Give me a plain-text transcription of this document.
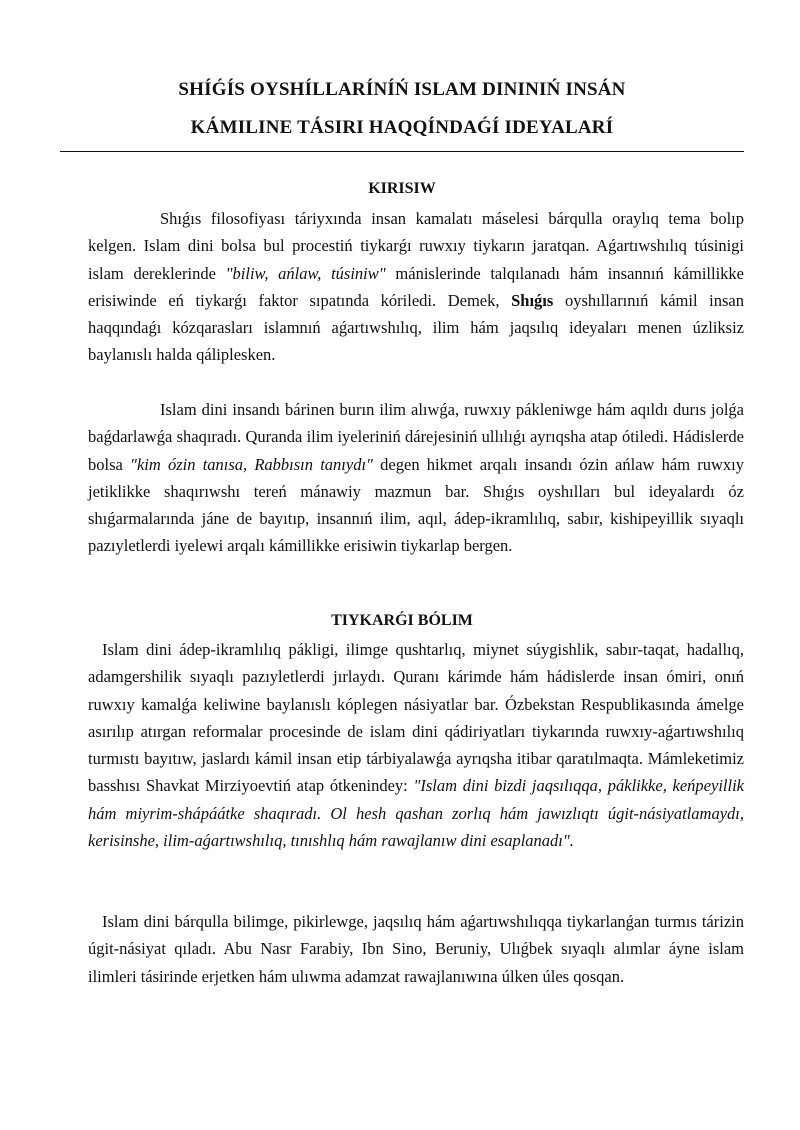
SHÍǴÍS OYSHÍLLARÍNÍŃ ISLAM DININIŃ INSÁN
KÁMILINE TÁSIRI HAQQÍNDAǴÍ IDEYALARÍ
KIRISIW

Shıǵıs filosofiyası táriyxında insan kamalatı máselesi bárqulla oraylıq tema bolıp kelgen. Islam dini bolsa bul procestiń tiykarǵı ruwxıy tiykarın jaratqan. Aǵartıwshılıq túsinigi islam dereklerinde "biliw, ańlaw, túsiniw" mánislerinde talqılanadı hám insannıń kámillikke erisiwinde eń tiykarǵı faktor sıpatında kóriledi. Demek, Shıǵıs oyshıllarınıń kámil insan haqqındaǵı kózqarasları islamnıń aǵartıwshılıq, ilim hám jaqsılıq ideyaları menen úzliksiz baylanıslı halda qáliplesken.

Islam dini insandı bárinen burın ilim alıwǵa, ruwxıy pákleniwge hám aqıldı durıs jolǵa baǵdarlawǵa shaqıradı. Quranda ilim iyeleriniń dárejesiniń ullılıǵı ayrıqsha atap ótiledi. Hádislerde bolsa "kim ózin tanısa, Rabbısın tanıydı" degen hikmet arqalı insandı ózin ańlaw hám ruwxıy jetiklikke shaqırıwshı tereń mánawiy mazmun bar. Shıǵıs oyshılları bul ideyalardı óz shıǵarmalarında jáne de bayıtıp, insannıń ilim, aqıl, ádep-ikramlılıq, sabır, kishipeyillik sıyaqlı pazıyletlerdi iyelewi arqalı kámillikke erisiwin tiykarlap bergen.

TIYKARǴI BÓLIM

Islam dini ádep-ikramlılıq pákligi, ilimge qushtarlıq, miynet súygishlik, sabır-taqat, hadallıq, adamgershilik sıyaqlı pazıyletlerdi jırlaydı. Quranı kárimde hám hádislerde insan ómiri, onıń ruwxıy kamalǵa keliwine baylanıslı kóplegen násiyatlar bar. Ózbekstan Respublikasında ámelge asırılıp atırgan reformalar procesinde de islam dini qádiriyatları tiykarında ruwxıy-aǵartıwshılıq turmıstı bayıtıw, jaslardı kámil insan etip tárbiyalawǵa ayrıqsha itibar qaratılmaqta. Mámleketimiz basshısı Shavkat Mirziyoevtiń atap ótkenindey: "Islam dini bizdi jaqsılıqqa, páklikke, keńpeyillik hám miyrim-shápáátke shaqıradı. Ol hesh qashan zorlıq hám jawızlıqtı úgit-násiyatlamaydı, kerisinshe, ilim-aǵartıwshılıq, tınıshlıq hám rawajlanıw dini esaplanadı".

Islam dini bárqulla bilimge, pikirlewge, jaqsılıq hám aǵartıwshılıqqa tiykarlanǵan turmıs tárizin úgit-násiyat qıladı. Abu Nasr Farabiy, Ibn Sino, Beruniy, Ulıǵbek sıyaqlı alımlar áyne islam ilimleri tásirinde erjetken hám ulıwma adamzat rawajlanıwına úlken úles qosqan.
